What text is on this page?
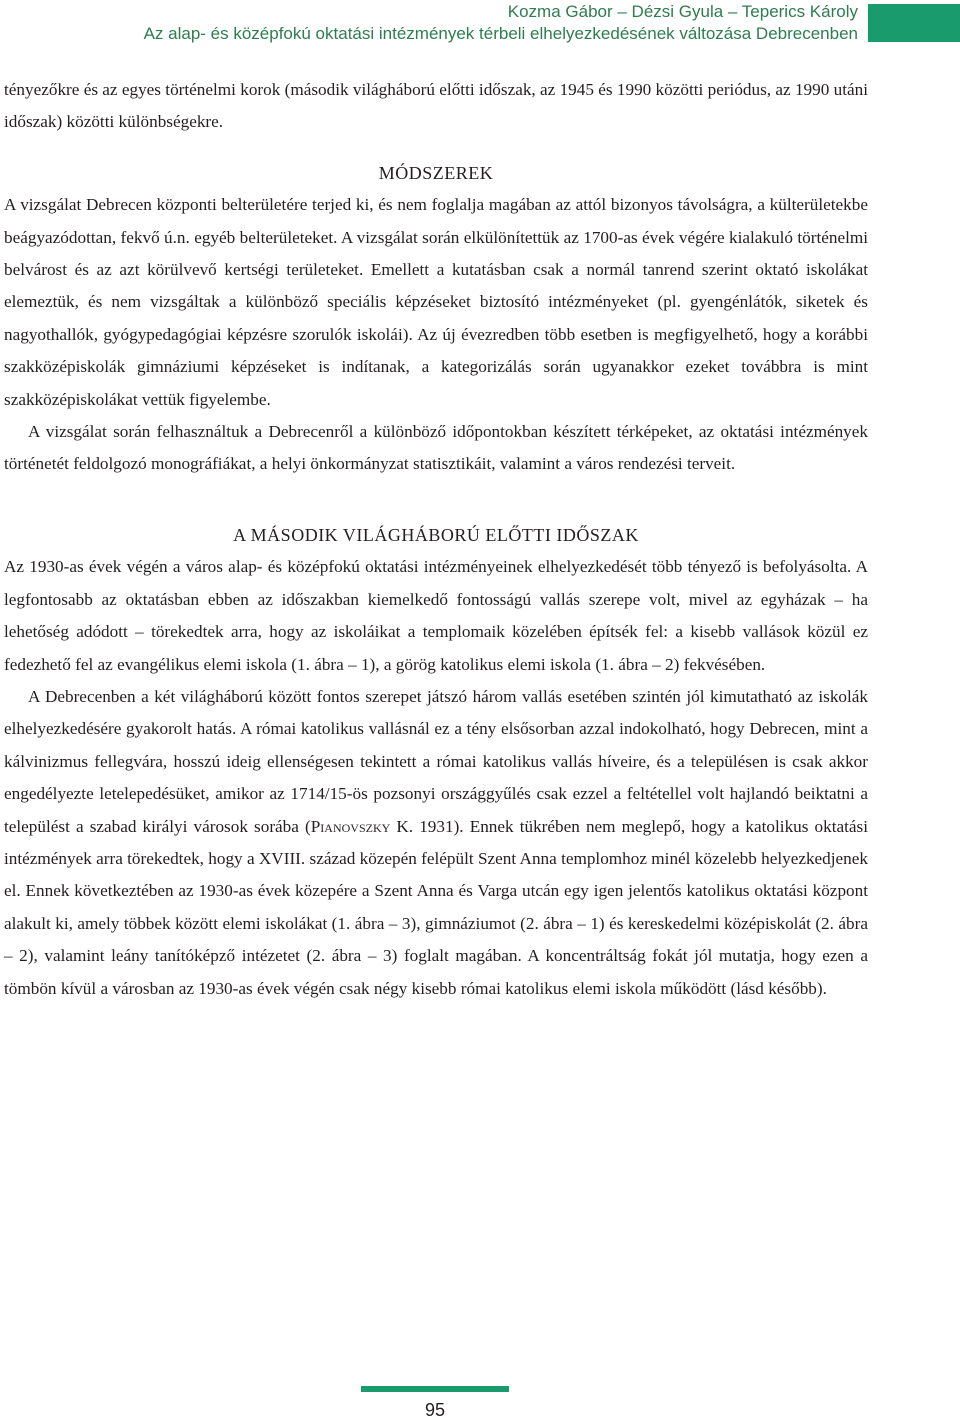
Kozma Gábor – Dézsi Gyula – Teperics Károly
Az alap- és középfokú oktatási intézmények térbeli elhelyezkedésének változása Debrecenben

tényezőkre és az egyes történelmi korok (második világháború előtti időszak, az 1945 és 1990 közötti periódus, az 1990 utáni időszak) közötti különbségekre.

MÓDSZEREK

A vizsgálat Debrecen központi belterületére terjed ki, és nem foglalja magában az attól bizonyos távolságra, a külterületekbe beágyazódottan, fekvő ú.n. egyéb belterületeket. A vizsgálat során elkülönítettük az 1700-as évek végére kialakuló történelmi belvárost és az azt körülvevő kertségi területeket. Emellett a kutatásban csak a normál tanrend szerint oktató iskolákat elemeztük, és nem vizsgáltak a különböző speciális képzéseket biztosító intézményeket (pl. gyengénlátók, siketek és nagyothallók, gyógypedagógiai képzésre szorulók iskolái). Az új évezredben több esetben is megfigyelhető, hogy a korábbi szakközépiskolák gimnáziumi képzéseket is indítanak, a kategorizálás során ugyanakkor ezeket továbbra is mint szakközépiskolákat vettük figyelembe.

A vizsgálat során felhasználtuk a Debrecenről a különböző időpontokban készített térképeket, az oktatási intézmények történetét feldolgozó monográfiákat, a helyi önkormányzat statisztikáit, valamint a város rendezési terveit.

A MÁSODIK VILÁGHÁBORÚ ELŐTTI IDŐSZAK

Az 1930-as évek végén a város alap- és középfokú oktatási intézményeinek elhelyezkedését több tényező is befolyásolta. A legfontosabb az oktatásban ebben az időszakban kiemelkedő fontosságú vallás szerepe volt, mivel az egyházak – ha lehetőség adódott – törekedtek arra, hogy az iskoláikat a templomaik közelében építsék fel: a kisebb vallások közül ez fedezhető fel az evangélikus elemi iskola (1. ábra – 1), a görög katolikus elemi iskola (1. ábra – 2) fekvésében.

A Debrecenben a két világháború között fontos szerepet játszó három vallás esetében szintén jól kimutatható az iskolák elhelyezkedésére gyakorolt hatás. A római katolikus vallásnál ez a tény elsősorban azzal indokolható, hogy Debrecen, mint a kálvinizmus fellegvára, hosszú ideig ellenségesen tekintett a római katolikus vallás híveire, és a településen is csak akkor engedélyezte letelepedésüket, amikor az 1714/15-ös pozsonyi országgyűlés csak ezzel a feltétellel volt hajlandó beiktatni a települést a szabad királyi városok sorába (Pianovszky K. 1931). Ennek tükrében nem meglepő, hogy a katolikus oktatási intézmények arra törekedtek, hogy a XVIII. század közepén felépült Szent Anna templomhoz minél közelebb helyezkedjenek el. Ennek következtében az 1930-as évek közepére a Szent Anna és Varga utcán egy igen jelentős katolikus oktatási központ alakult ki, amely többek között elemi iskolákat (1. ábra – 3), gimnáziumot (2. ábra – 1) és kereskedelmi középiskolát (2. ábra – 2), valamint leány tanítóképző intézetet (2. ábra – 3) foglalt magában. A koncentráltság fokát jól mutatja, hogy ezen a tömbön kívül a városban az 1930-as évek végén csak négy kisebb római katolikus elemi iskola működött (lásd később).

95
